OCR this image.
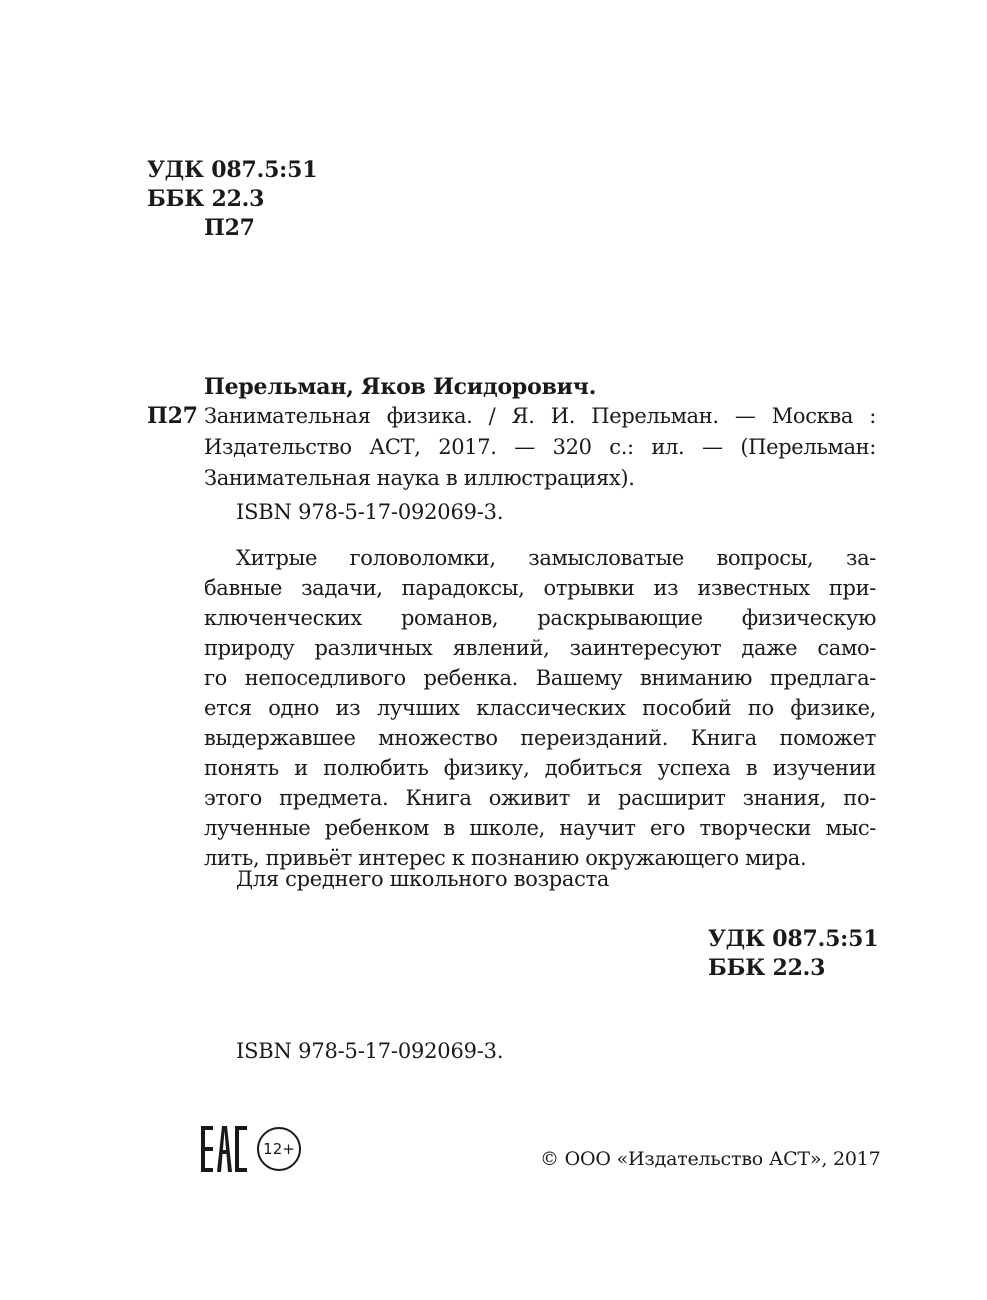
УДК 087.5:51
ББК 22.3
П27
Перельман, Яков Исидорович.
П27 Занимательная физика. / Я. И. Перельман. — Москва :
Издательство АСТ, 2017. — 320 с.: ил. — (Перельман:
Занимательная наука в иллюстрациях).
ISBN 978-5-17-092069-3.
Хитрые головоломки, замысловатые вопросы, за-
бавные задачи, парадоксы, отрывки из известных при-
ключенческих романов, раскрывающие физическую
природу различных явлений, заинтересуют даже само-
го непоседливого ребенка. Вашему вниманию предлага-
ется одно из лучших классических пособий по физике,
выдержавшее множество переизданий. Книга поможет
понять и полюбить физику, добиться успеха в изучении
этого предмета. Книга оживит и расширит знания, по-
лученные ребенком в школе, научит его творчески мыс-
лить, привьёт интерес к познанию окружающего мира.
Для среднего школьного возраста
УДК 087.5:51
ББК 22.3
ISBN 978-5-17-092069-3.
12+	© ООО «Издательство АСТ», 2017
